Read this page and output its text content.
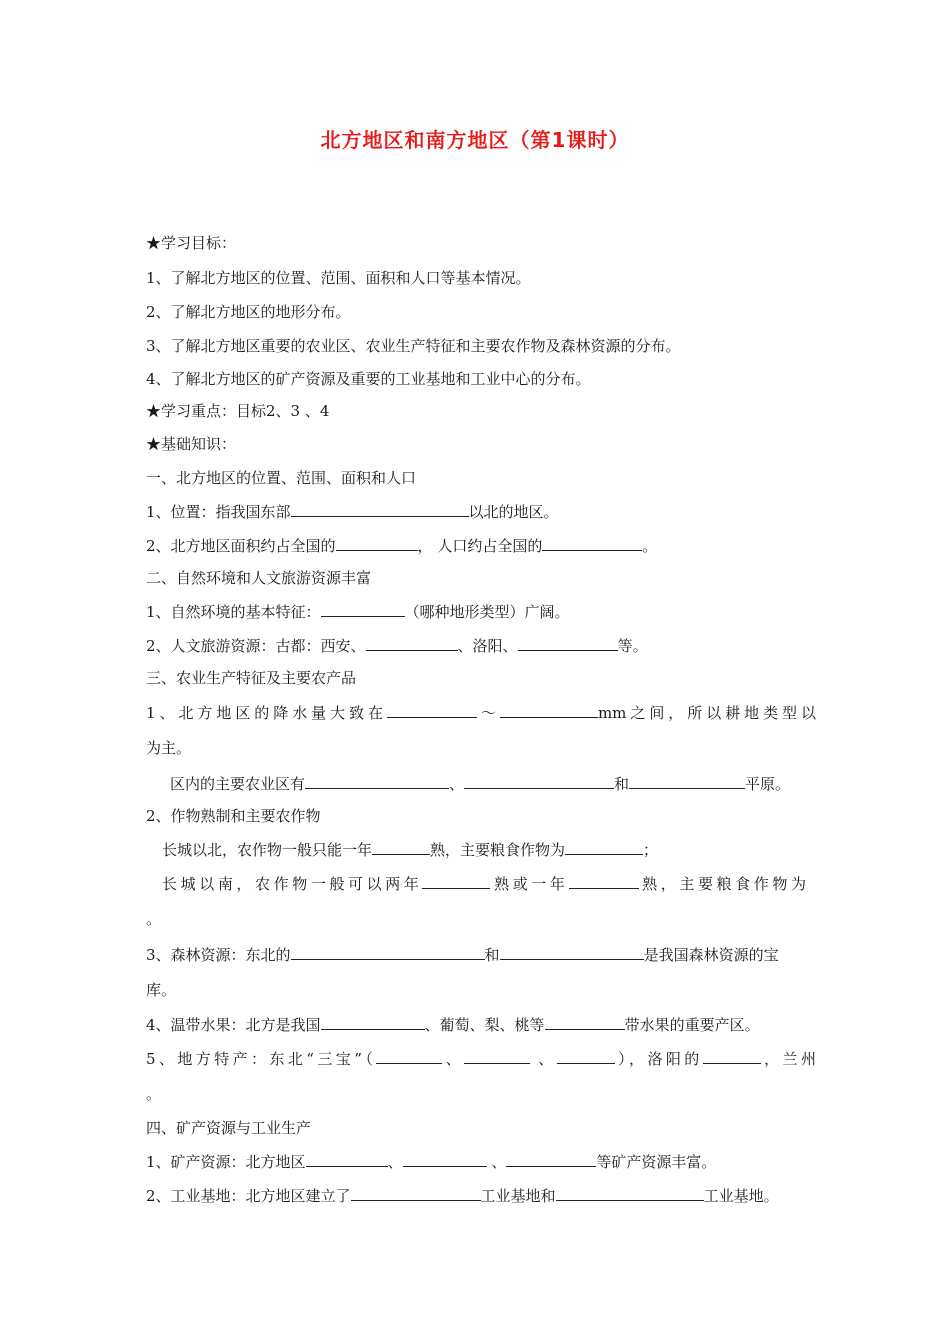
北方地区和南方地区（第1课时）
★学习目标：
1、了解北方地区的位置、范围、面积和人口等基本情况。
2、了解北方地区的地形分布。
3、了解北方地区重要的农业区、农业生产特征和主要农作物及森林资源的分布。
4、了解北方地区的矿产资源及重要的工业基地和工业中心的分布。
★学习重点：目标2、3 、4
★基础知识：
一、北方地区的位置、范围、面积和人口
1、位置：指我国东部	以北的地区。
2、北方地区面积约占全国的	， 人口约占全国的	。
二、自然环境和人文旅游资源丰富
1、自然环境的基本特征：	（哪种地形类型）广阔。
2、人文旅游资源：古都：西安、	、洛阳、	等。
三、农业生产特征及主要农产品
1、北方地区的降水量大致在	～	mm之间，所以耕地类型以
为主。
区内的主要农业区有	、	和	平原。
2、作物熟制和主要农作物
长城以北，农作物一般只能一年	熟，主要粮食作物为	；
长城以南，农作物一般可以两年	熟或一年	熟，主要粮食作物为
。
3、森林资源：东北的	和	是我国森林资源的宝
库。
4、温带水果：北方是我国	、葡萄、梨、桃等	带水果的重要产区。
5、地方特产：东北“三宝”（	、	、	），洛阳的	，兰州
。
四、矿产资源与工业生产
1、矿产资源：北方地区	、	、	等矿产资源丰富。
2、工业基地：北方地区建立了	工业基地和	工业基地。
